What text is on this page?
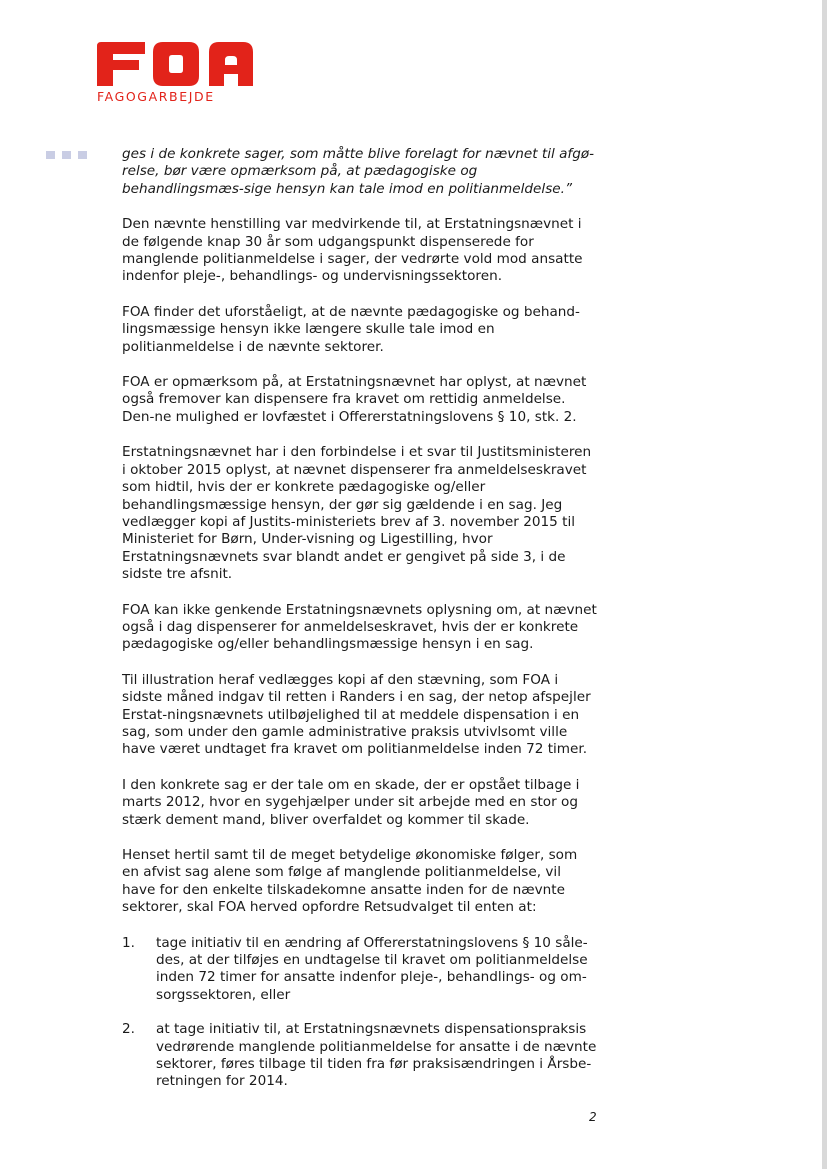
FAGOGARBEJDE

ges i de konkrete sager, som måtte blive forelagt for nævnet til afgø-relse, bør være opmærksom på, at pædagogiske og behandlingsmæs-sige hensyn kan tale imod en politianmeldelse.”

Den nævnte henstilling var medvirkende til, at Erstatningsnævnet i de følgende knap 30 år som udgangspunkt dispenserede for manglende politianmeldelse i sager, der vedrørte vold mod ansatte indenfor pleje-, behandlings- og undervisningssektoren.

FOA finder det uforståeligt, at de nævnte pædagogiske og behand-lingsmæssige hensyn ikke længere skulle tale imod en politianmeldelse i de nævnte sektorer.

FOA er opmærksom på, at Erstatningsnævnet har oplyst, at nævnet også fremover kan dispensere fra kravet om rettidig anmeldelse. Den-ne mulighed er lovfæstet i Offererstatningslovens § 10, stk. 2.

Erstatningsnævnet har i den forbindelse i et svar til Justitsministeren i oktober 2015 oplyst, at nævnet dispenserer fra anmeldelseskravet som hidtil, hvis der er konkrete pædagogiske og/eller behandlingsmæssige hensyn, der gør sig gældende i en sag. Jeg vedlægger kopi af Justits-ministeriets brev af 3. november 2015 til Ministeriet for Børn, Under-visning og Ligestilling, hvor Erstatningsnævnets svar blandt andet er gengivet på side 3, i de sidste tre afsnit.

FOA kan ikke genkende Erstatningsnævnets oplysning om, at nævnet også i dag dispenserer for anmeldelseskravet, hvis der er konkrete pædagogiske og/eller behandlingsmæssige hensyn i en sag.

Til illustration heraf vedlægges kopi af den stævning, som FOA i sidste måned indgav til retten i Randers i en sag, der netop afspejler Erstat-ningsnævnets utilbøjelighed til at meddele dispensation i en sag, som under den gamle administrative praksis utvivlsomt ville have været undtaget fra kravet om politianmeldelse inden 72 timer.

I den konkrete sag er der tale om en skade, der er opstået tilbage i marts 2012, hvor en sygehjælper under sit arbejde med en stor og stærk dement mand, bliver overfaldet og kommer til skade.

Henset hertil samt til de meget betydelige økonomiske følger, som en afvist sag alene som følge af manglende politianmeldelse, vil have for den enkelte tilskadekomne ansatte inden for de nævnte sektorer, skal FOA herved opfordre Retsudvalget til enten at:

1. tage initiativ til en ændring af Offererstatningslovens § 10 såle-des, at der tilføjes en undtagelse til kravet om politianmeldelse inden 72 timer for ansatte indenfor pleje-, behandlings- og om-sorgssektoren, eller
2. at tage initiativ til, at Erstatningsnævnets dispensationspraksis vedrørende manglende politianmeldelse for ansatte i de nævnte sektorer, føres tilbage til tiden fra før praksisændringen i Årsbe-retningen for 2014.
2
